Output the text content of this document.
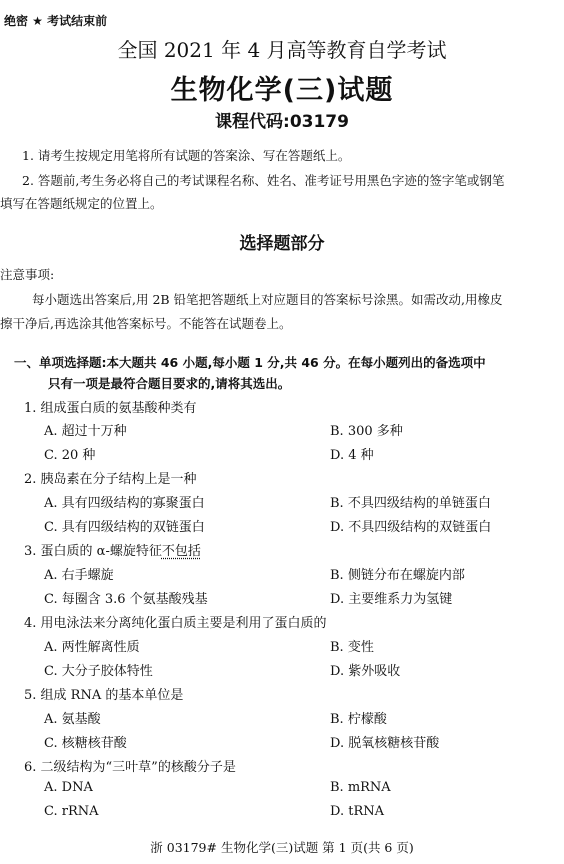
绝密 ★ 考试结束前
全国 2021 年 4 月高等教育自学考试
生物化学(三)试题
课程代码:03179
1. 请考生按规定用笔将所有试题的答案涂、写在答题纸上。
2. 答题前,考生务必将自己的考试课程名称、姓名、准考证号用黑色字迹的签字笔或钢笔
填写在答题纸规定的位置上。
选择题部分
注意事项:
每小题选出答案后,用 2B 铅笔把答题纸上对应题目的答案标号涂黑。如需改动,用橡皮
擦干净后,再选涂其他答案标号。不能答在试题卷上。
一、单项选择题:本大题共 46 小题,每小题 1 分,共 46 分。在每小题列出的备选项中
只有一项是最符合题目要求的,请将其选出。
1. 组成蛋白质的氨基酸种类有
A. 超过十万种	B. 300 多种
C. 20 种	D. 4 种
2. 胰岛素在分子结构上是一种
A. 具有四级结构的寡聚蛋白	B. 不具四级结构的单链蛋白
C. 具有四级结构的双链蛋白	D. 不具四级结构的双链蛋白
3. 蛋白质的 α-螺旋特征不包括
A. 右手螺旋	B. 侧链分布在螺旋内部
C. 每圈含 3.6 个氨基酸残基	D. 主要维系力为氢键
4. 用电泳法来分离纯化蛋白质主要是利用了蛋白质的
A. 两性解离性质	B. 变性
C. 大分子胶体特性	D. 紫外吸收
5. 组成 RNA 的基本单位是
A. 氨基酸	B. 柠檬酸
C. 核糖核苷酸	D. 脱氧核糖核苷酸
6. 二级结构为“三叶草”的核酸分子是
A. DNA	B. mRNA
C. rRNA	D. tRNA
浙 03179# 生物化学(三)试题 第 1 页(共 6 页)
